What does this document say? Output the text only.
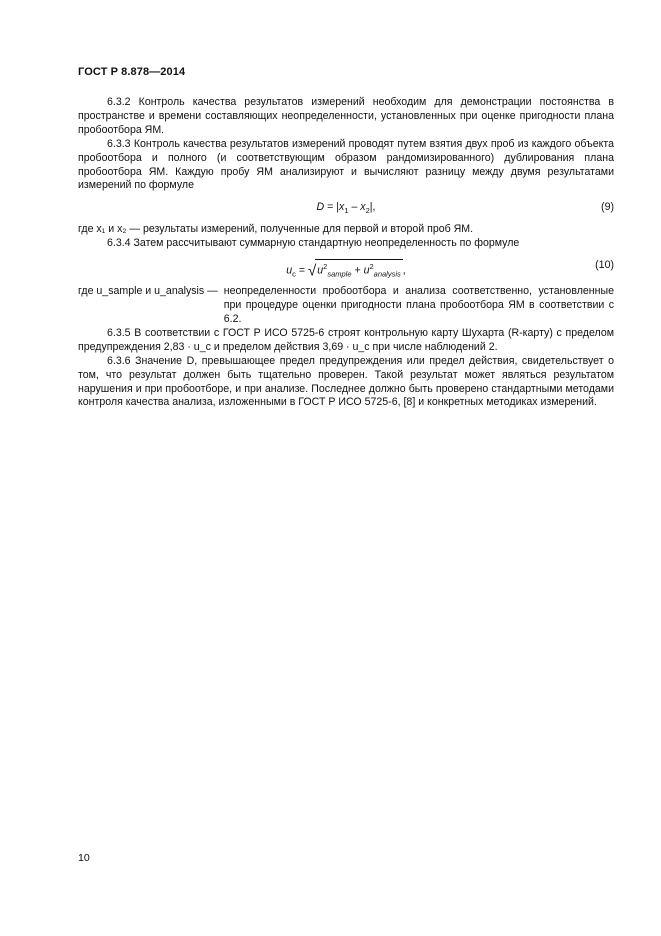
ГОСТ Р 8.878—2014

6.3.2 Контроль качества результатов измерений необходим для демонстрации постоянства в пространстве и времени составляющих неопределенности, установленных при оценке пригодности плана пробоотбора ЯМ.

6.3.3 Контроль качества результатов измерений проводят путем взятия двух проб из каждого объекта пробоотбора и полного (и соответствующим образом рандомизированного) дублирования плана пробоотбора ЯМ. Каждую пробу ЯМ анализируют и вычисляют разницу между двумя результатами измерений по формуле

$D = |x_1 - x_2|$,	(9)

где x₁ и x₂ — результаты измерений, полученные для первой и второй проб ЯМ.

6.3.4 Затем рассчитывают суммарную стандартную неопределенность по формуле

$u_c = √u^2_{sample} + u^2_{analysis}$ ,	(10)
где u_sample и u_analysis — неопределенности пробоотбора и анализа соответственно, установленные при процедуре оценки пригодности плана пробоотбора ЯМ в соответствии с 6.2.

6.3.5 В соответствии с ГОСТ Р ИСО 5725-6 строят контрольную карту Шухарта (R-карту) с пределом предупреждения 2,83 · u_c и пределом действия 3,69 · u_c при числе наблюдений 2.

6.3.6 Значение D, превышающее предел предупреждения или предел действия, свидетельствует о том, что результат должен быть тщательно проверен. Такой результат может являться результатом нарушения и при пробоотборе, и при анализе. Последнее должно быть проверено стандартными методами контроля качества анализа, изложенными в ГОСТ Р ИСО 5725-6, [8] и конкретных методиках измерений.

10
